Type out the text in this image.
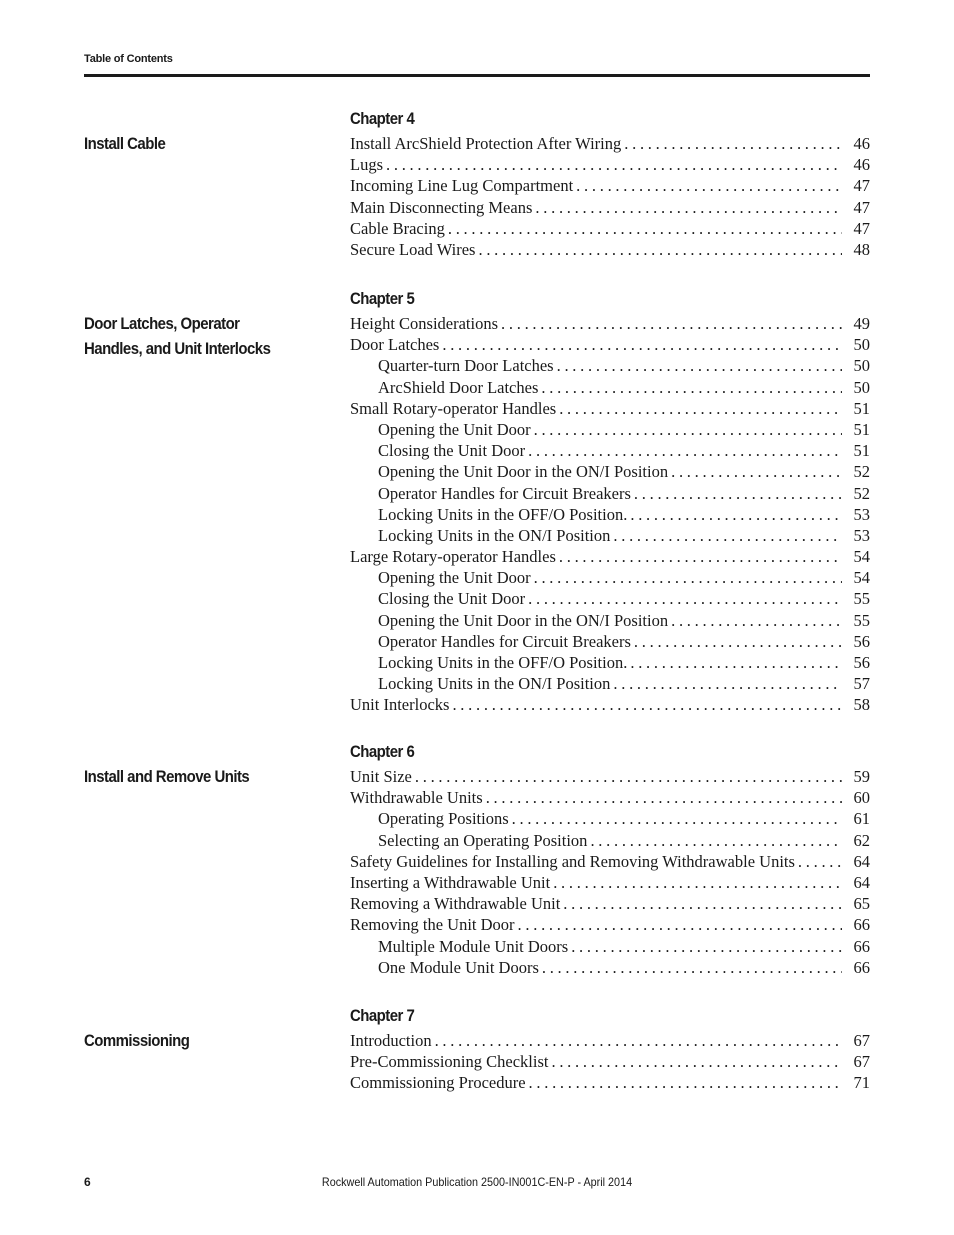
Table of Contents
Chapter 4
Install Cable	Install ArcShield Protection After Wiring . . .	46
Lugs . . .	46
Incoming Line Lug Compartment . . .	47
Main Disconnecting Means . . .	47
Cable Bracing . . .	47
Secure Load Wires . . .	48
Chapter 5
Door Latches, Operator Handles, and Unit Interlocks
Height Considerations . . .	49
Door Latches . . .	50
Quarter-turn Door Latches . . .	50
ArcShield Door Latches . . .	50
Small Rotary-operator Handles . . .	51
Opening the Unit Door . . .	51
Closing the Unit Door . . .	51
Opening the Unit Door in the ON/I Position . . .	52
Operator Handles for Circuit Breakers . . .	52
Locking Units in the OFF/O Position. . . .	53
Locking Units in the ON/I Position . . .	53
Large Rotary-operator Handles . . .	54
Opening the Unit Door . . .	54
Closing the Unit Door . . .	55
Opening the Unit Door in the ON/I Position . . .	55
Operator Handles for Circuit Breakers . . .	56
Locking Units in the OFF/O Position. . . .	56
Locking Units in the ON/I Position . . .	57
Unit Interlocks . . .	58
Chapter 6
Install and Remove Units	Unit Size . . .	59
Withdrawable Units . . .	60
Operating Positions . . .	61
Selecting an Operating Position . . .	62
Safety Guidelines for Installing and Removing Withdrawable Units . . .	64
Inserting a Withdrawable Unit . . .	64
Removing a Withdrawable Unit . . .	65
Removing the Unit Door . . .	66
Multiple Module Unit Doors . . .	66
One Module Unit Doors . . .	66
Chapter 7
Commissioning	Introduction . . .	67
Pre-Commissioning Checklist . . .	67
Commissioning Procedure . . .	71
6	Rockwell Automation Publication 2500-IN001C-EN-P - April 2014
